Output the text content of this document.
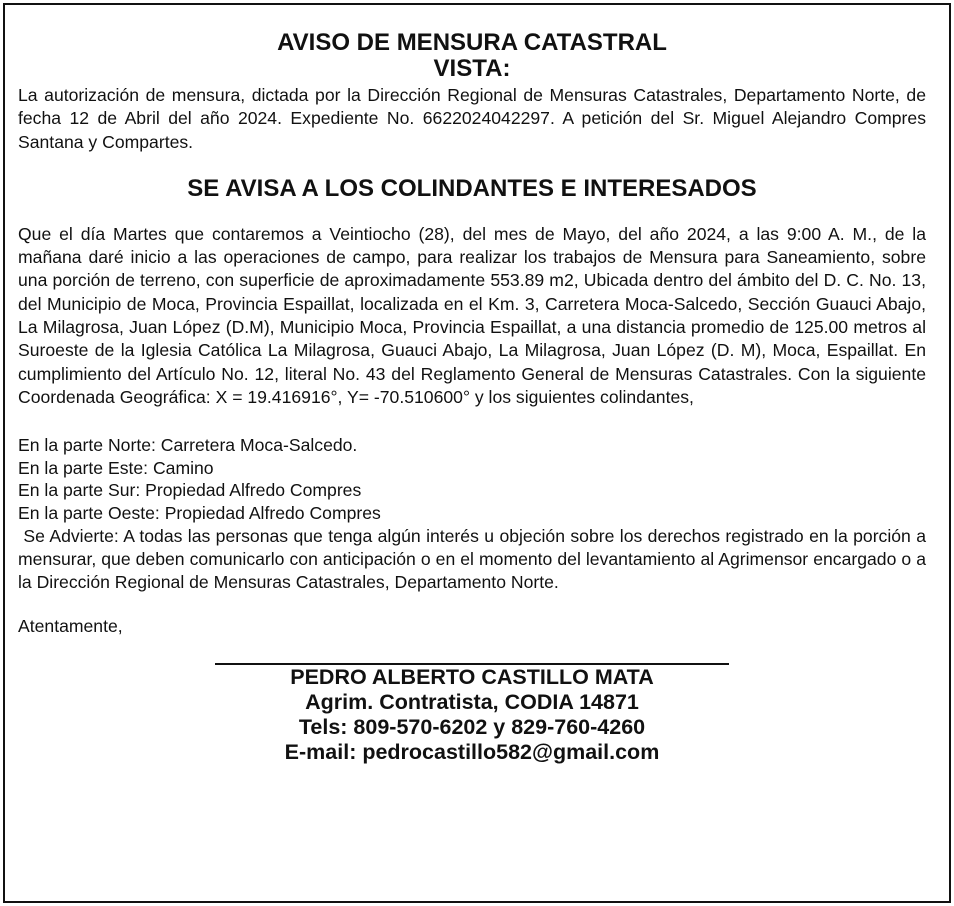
AVISO DE MENSURA CATASTRAL
VISTA:

La autorización de mensura, dictada por la Dirección Regional de Mensuras Catastrales, Departamento Norte, de fecha 12 de Abril del año 2024. Expediente No. 6622024042297. A petición del Sr. Miguel Alejandro Compres Santana y Compartes.

SE AVISA A LOS COLINDANTES E INTERESADOS

Que el día Martes que contaremos a Veintiocho (28), del mes de Mayo, del año 2024, a las 9:00 A. M., de la mañana daré inicio a las operaciones de campo, para realizar los trabajos de Mensura para Saneamiento, sobre una porción de terreno, con superficie de aproximadamente 553.89 m2, Ubicada dentro del ámbito del D. C. No. 13, del Municipio de Moca, Provincia Espaillat, localizada en el Km. 3, Carretera Moca-Salcedo, Sección Guauci Abajo, La Milagrosa, Juan López (D.M), Municipio Moca, Provincia Espaillat, a una distancia promedio de 125.00 metros al Suroeste de la Iglesia Católica La Milagrosa, Guauci Abajo, La Milagrosa, Juan López (D. M), Moca, Espaillat. En cumplimiento del Artículo No. 12, literal No. 43 del Reglamento General de Mensuras Catastrales. Con la siguiente Coordenada Geográfica: X = 19.416916°, Y= -70.510600° y los siguientes colindantes,

En la parte Norte: Carretera Moca-Salcedo.

En la parte Este: Camino

En la parte Sur: Propiedad Alfredo Compres

En la parte Oeste: Propiedad Alfredo Compres

Se Advierte: A todas las personas que tenga algún interés u objeción sobre los derechos registrado en la porción a mensurar, que deben comunicarlo con anticipación o en el momento del levantamiento al Agrimensor encargado o a la Dirección Regional de Mensuras Catastrales, Departamento Norte.

Atentamente,

PEDRO ALBERTO CASTILLO MATA

Agrim. Contratista, CODIA 14871

Tels: 809-570-6202 y 829-760-4260

E-mail: pedrocastillo582@gmail.com
